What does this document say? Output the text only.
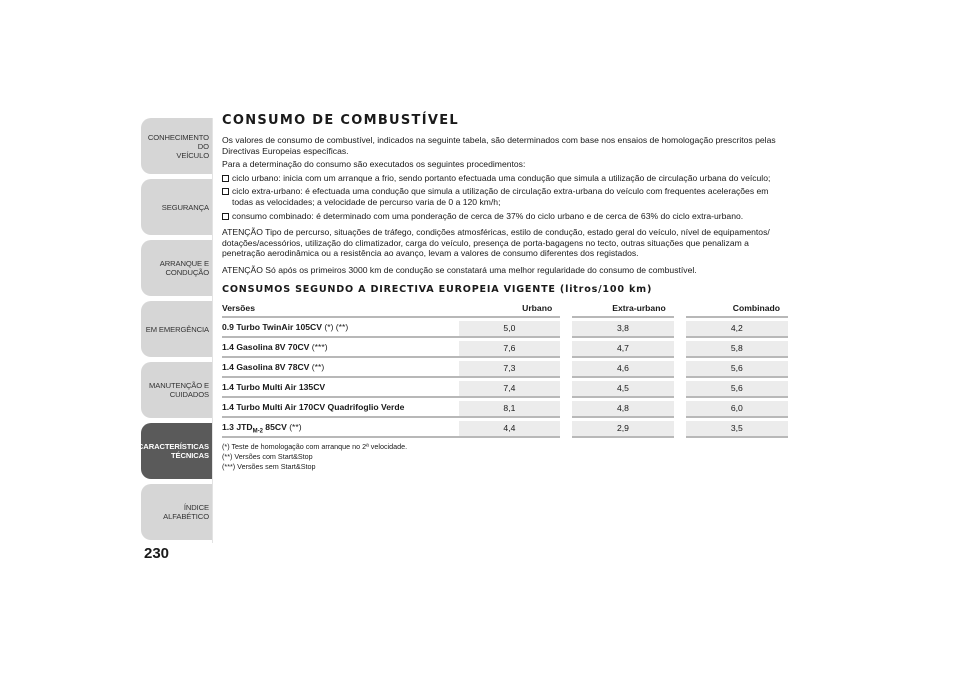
CONHECIMENTO DO
VEÍCULO
SEGURANÇA
ARRANQUE E
CONDUÇÃO
EM EMERGÊNCIA
MANUTENÇÃO E
CUIDADOS
CARACTERÍSTICAS
TÉCNICAS
ÍNDICE ALFABÉTICO
230
CONSUMO DE COMBUSTÍVEL

Os valores de consumo de combustível, indicados na seguinte tabela, são determinados com base nos ensaios de homologação prescritos pelas Directivas Europeias específicas.

Para a determinação do consumo são executados os seguintes procedimentos:

ciclo urbano: inicia com um arranque a frio, sendo portanto efectuada uma condução que simula a utilização de circulação urbana do veículo;
ciclo extra-urbano: é efectuada uma condução que simula a utilização de circulação extra-urbana do veículo com frequentes acelerações em todas as velocidades; a velocidade de percurso varia de 0 a 120 km/h;
consumo combinado: é determinado com uma ponderação de cerca de 37% do ciclo urbano e de cerca de 63% do ciclo extra-urbano.

ATENÇÃO Tipo de percurso, situações de tráfego, condições atmosféricas, estilo de condução, estado geral do veículo, nível de equipamentos/ dotações/acessórios, utilização do climatizador, carga do veículo, presença de porta-bagagens no tecto, outras situações que penalizam a penetração aerodinâmica ou a resistência ao avanço, levam a valores de consumo diferentes dos registados.

ATENÇÃO Só após os primeiros 3000 km de condução se constatará uma melhor regularidade do consumo de combustível.

CONSUMOS SEGUNDO A DIRECTIVA EUROPEIA VIGENTE (litros/100 km)
Versões	Urbano		Extra-urbano		Combinado
0.9 Turbo TwinAir 105CV (*) (**)	5,0		3,8		4,2
1.4 Gasolina 8V 70CV (***)	7,6		4,7		5,8
1.4 Gasolina 8V 78CV (**)	7,3		4,6		5,6
1.4 Turbo Multi Air 135CV	7,4		4,5		5,6
1.4 Turbo Multi Air 170CV Quadrifoglio Verde	8,1		4,8		6,0
1.3 $JTD_{M-2}$ 85CV (**)	4,4		2,9		3,5
(*) Teste de homologação com arranque no 2ª velocidade.
(**) Versões com Start&Stop
(***) Versões sem Start&Stop
